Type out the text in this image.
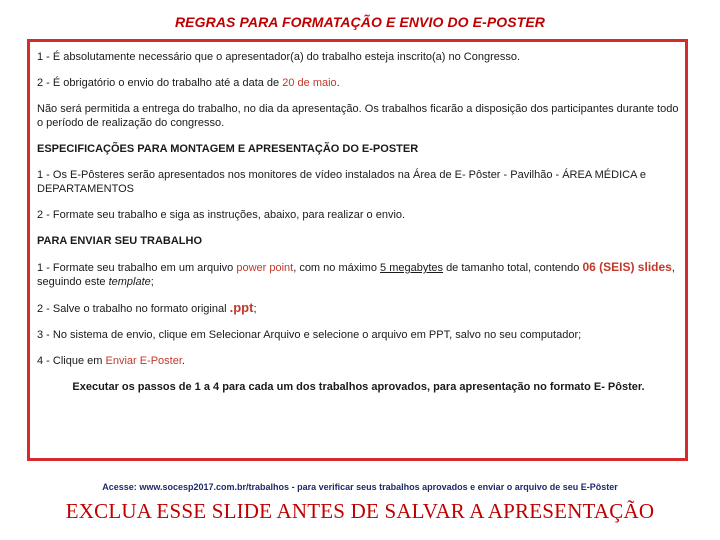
REGRAS PARA FORMATAÇÃO E ENVIO DO E-POSTER

1 - É absolutamente necessário que o apresentador(a) do trabalho esteja inscrito(a) no Congresso.

2 - É obrigatório o envio do trabalho até a data de 20 de maio.

Não será permitida a entrega do trabalho, no dia da apresentação. Os trabalhos ficarão a disposição dos participantes durante todo o período de realização do congresso.

ESPECIFICAÇÕES PARA MONTAGEM E APRESENTAÇÃO DO E-POSTER

1 - Os E-Pôsteres serão apresentados nos monitores de vídeo instalados na Área de E- Pôster - Pavilhão - ÁREA MÉDICA e DEPARTAMENTOS

2 - Formate seu trabalho e siga as instruções, abaixo, para realizar o envio.

PARA ENVIAR SEU TRABALHO

1 - Formate seu trabalho em um arquivo power point, com no máximo 5 megabytes de tamanho total, contendo 06 (SEIS) slides, seguindo este template;

2 - Salve o trabalho no formato original .ppt;

3 - No sistema de envio, clique em Selecionar Arquivo e selecione o arquivo em PPT, salvo no seu computador;

4 - Clique em Enviar E-Poster.

Executar os passos de 1 a 4 para cada um dos trabalhos aprovados, para apresentação no formato E- Pôster.

Acesse: www.socesp2017.com.br/trabalhos - para verificar seus trabalhos aprovados e enviar o arquivo de seu E-Pôster
EXCLUA ESSE SLIDE ANTES DE SALVAR A APRESENTAÇÃO
